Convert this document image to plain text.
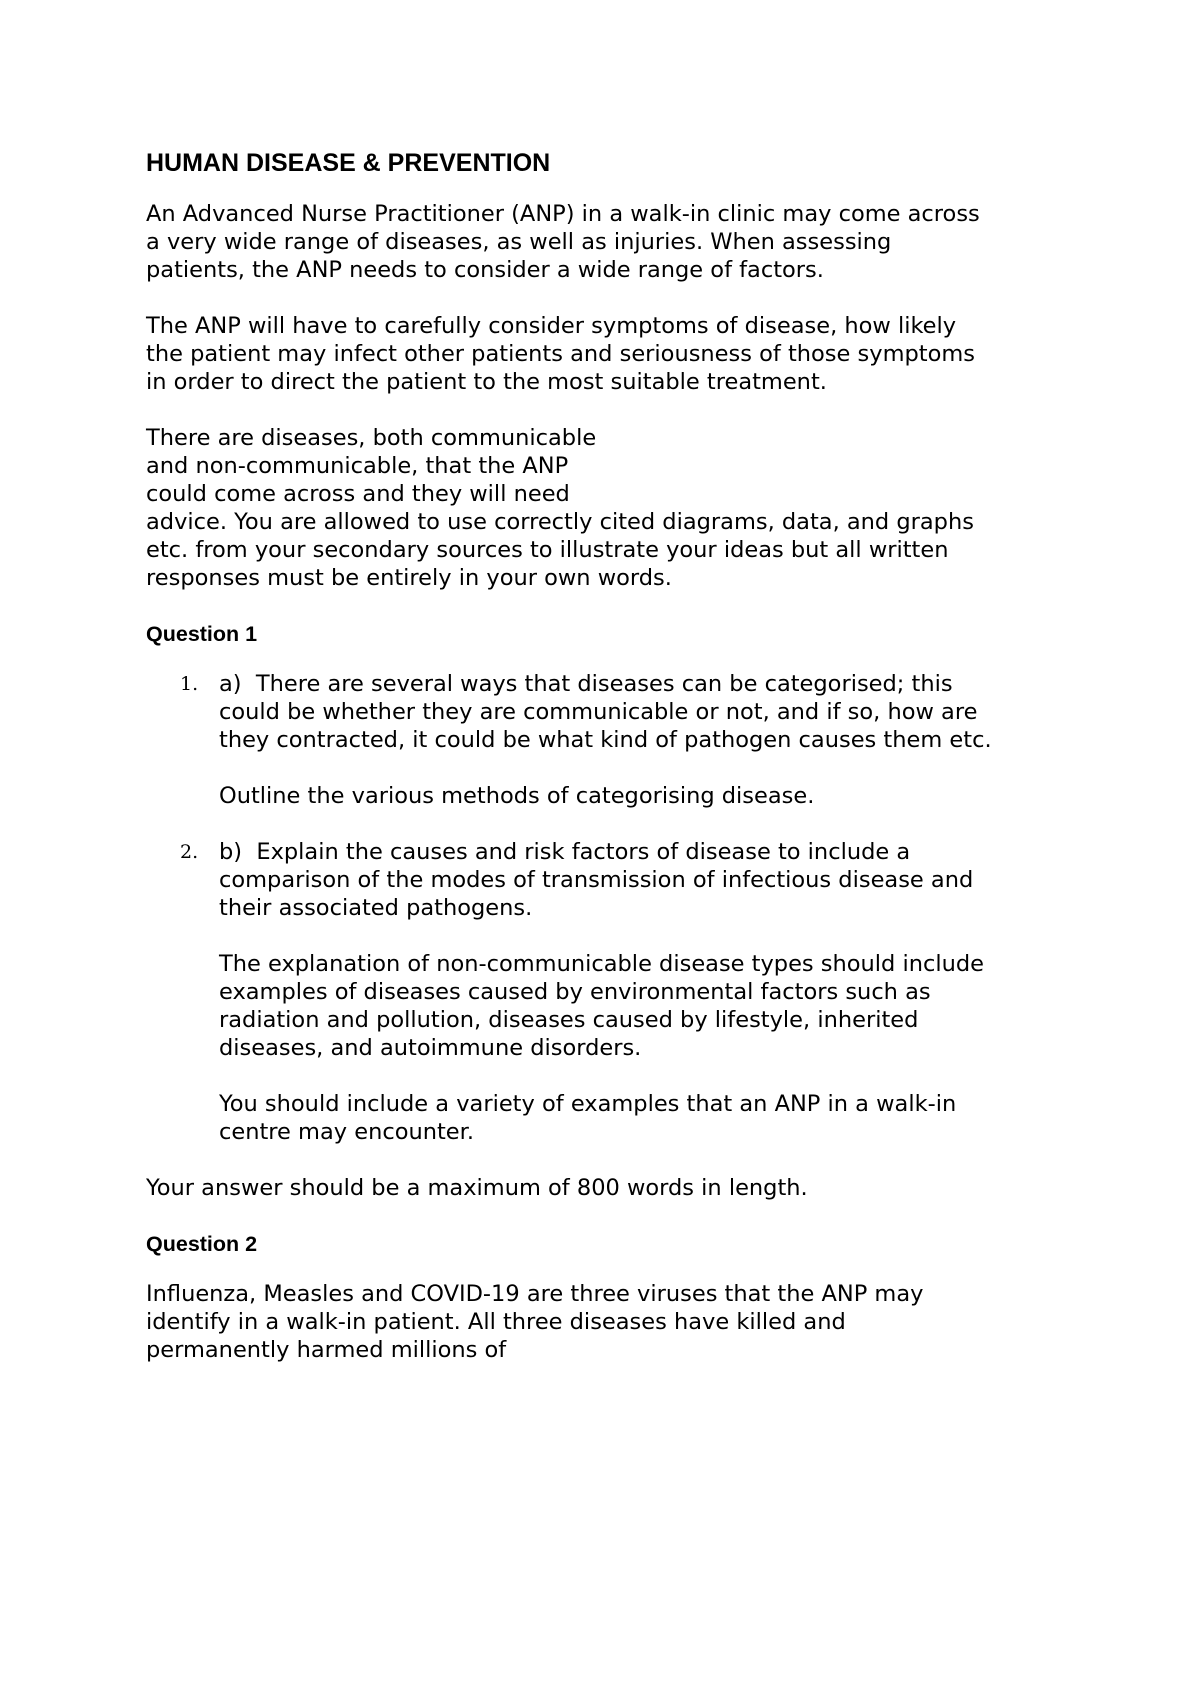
HUMAN DISEASE & PREVENTION

An Advanced Nurse Practitioner (ANP) in a walk-in clinic may come across
a very wide range of diseases, as well as injuries. When assessing
patients, the ANP needs to consider a wide range of factors.

The ANP will have to carefully consider symptoms of disease, how likely
the patient may infect other patients and seriousness of those symptoms
in order to direct the patient to the most suitable treatment.

There are diseases, both communicable
and non-communicable, that the ANP
could come across and they will need
advice. You are allowed to use correctly cited diagrams, data, and graphs
etc. from your secondary sources to illustrate your ideas but all written
responses must be entirely in your own words.

Question 1
1. a)  There are several ways that diseases can be categorised; this
could be whether they are communicable or not, and if so, how are
they contracted, it could be what kind of pathogen causes them etc.

Outline the various methods of categorising disease.

2. b)  Explain the causes and risk factors of disease to include a
comparison of the modes of transmission of infectious disease and
their associated pathogens.

The explanation of non-communicable disease types should include
examples of diseases caused by environmental factors such as
radiation and pollution, diseases caused by lifestyle, inherited
diseases, and autoimmune disorders.

You should include a variety of examples that an ANP in a walk-in
centre may encounter.

Your answer should be a maximum of 800 words in length.

Question 2

Influenza, Measles and COVID-19 are three viruses that the ANP may
identify in a walk-in patient. All three diseases have killed and
permanently harmed millions of
